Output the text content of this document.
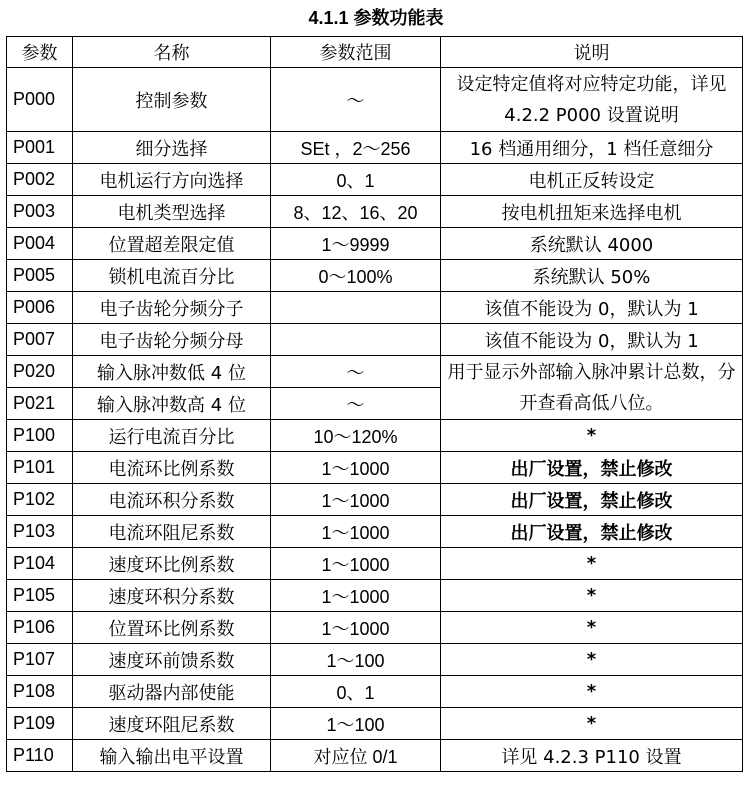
4.1.1 参数功能表
参数	名称	参数范围	说明
P000	控制参数	～	设定特定值将对应特定功能，详见 4.2.2 P000 设置说明
P001	细分选择	SEt ，2～256	16 档通用细分，1 档任意细分
P002	电机运行方向选择	0、1	电机正反转设定
P003	电机类型选择	8、12、16、20	按电机扭矩来选择电机
P004	位置超差限定值	1～9999	系统默认 4000
P005	锁机电流百分比	0～100%	系统默认 50%
P006	电子齿轮分频分子		该值不能设为 0，默认为 1
P007	电子齿轮分频分母		该值不能设为 0，默认为 1
P020	输入脉冲数低 4 位	～	用于显示外部输入脉冲累计总数，分开查看高低八位。
P021	输入脉冲数高 4 位	～	
P100	运行电流百分比	10～120%	*
P101	电流环比例系数	1～1000	出厂设置，禁止修改
P102	电流环积分系数	1～1000	出厂设置，禁止修改
P103	电流环阻尼系数	1～1000	出厂设置，禁止修改
P104	速度环比例系数	1～1000	*
P105	速度环积分系数	1～1000	*
P106	位置环比例系数	1～1000	*
P107	速度环前馈系数	1～100	*
P108	驱动器内部使能	0、1	*
P109	速度环阻尼系数	1～100	*
P110	输入输出电平设置	对应位 0/1	详见 4.2.3 P110 设置
